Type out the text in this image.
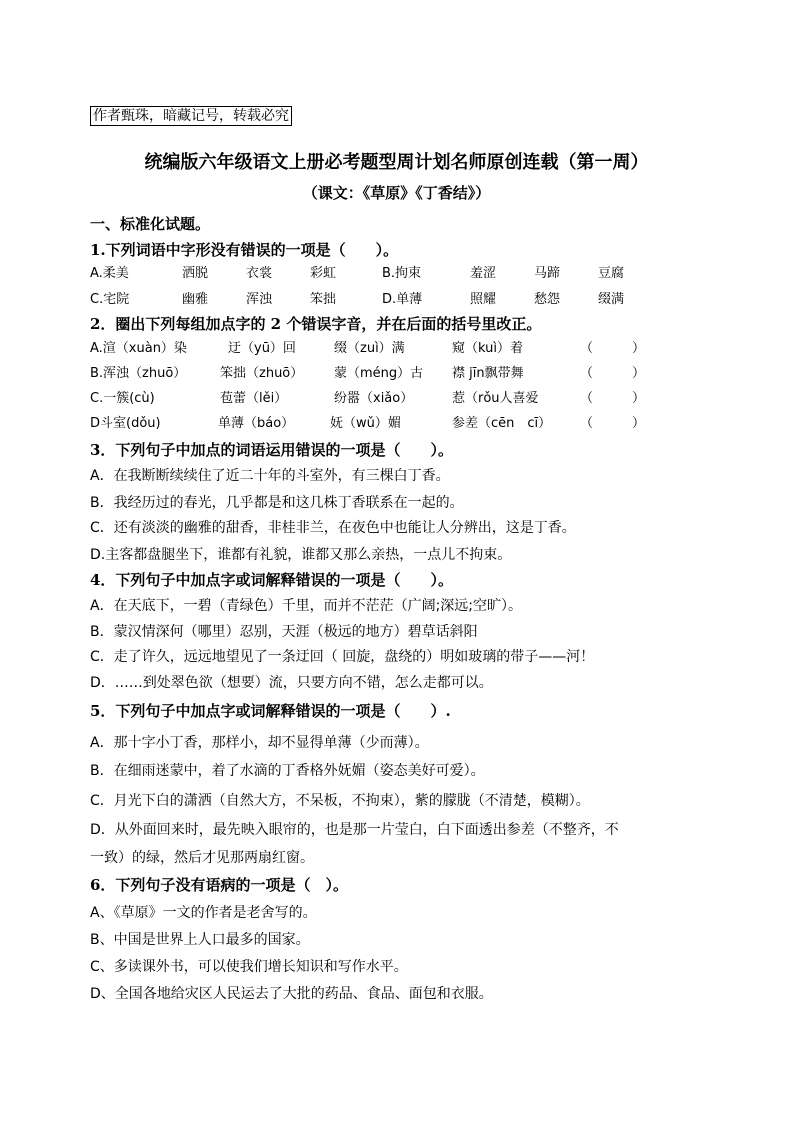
作者甄珠，暗藏记号，转载必究
统编版六年级语文上册必考题型周计划名师原创连载（第一周）
（课文：《草原》《丁香结》）
一、标准化试题。
1.下列词语中字形没有错误的一项是（　　）。
A.柔美	洒脱	衣裳	彩虹	B.拘束	羞涩	马蹄	豆腐
C.宅院	幽雅	浑浊	笨拙	D.单薄	照耀	愁怨	缀满
2．圈出下列每组加点字的 2 个错误字音，并在后面的括号里改正。
A.渲（xuàn）染	迂（yū）回	缀（zuì）满	窥（kuì）着	（　　　）
B.浑浊（zhuō）	笨拙（zhuō） 蒙（méng）古 襟 jīn飘带舞	（　　　）
C.一簇(cù)	苞蕾（lěi）	纷嚣（xiǎo）	惹（rǒu人喜爱	（　　　）
D斗室(dǒu)	单薄（báo）	妩（wǔ）媚	参差（cēn　cī） （　　　）
3．下列句子中加点的词语运用错误的一项是（　　）。
A．在我断断续续住了近二十年的斗室外，有三棵白丁香。
B．我经历过的春光，几乎都是和这几株丁香联系在一起的。
C．还有淡淡的幽雅的甜香，非桂非兰，在夜色中也能让人分辨出，这是丁香。
D.主客都盘腿坐下，谁都有礼貌，谁都又那么亲热，一点儿不拘束。
4．下列句子中加点字或词解释错误的一项是（　　）。
A．在天底下，一碧（青绿色）千里，而并不茫茫（广阔;深远;空旷）。
B．蒙汉情深何（哪里）忍别，天涯（极远的地方）碧草话斜阳
C．走了许久，远远地望见了一条迂回（ 回旋，盘绕的）明如玻璃的带子——河！
D．……到处翠色欲（想要）流，只要方向不错，怎么走都可以。
5．下列句子中加点字或词解释错误的一项是（　　）.
A．那十字小丁香，那样小，却不显得单薄（少而薄）。
B．在细雨迷蒙中，着了水滴的丁香格外妩媚（姿态美好可爱）。
C．月光下白的潇洒（自然大方，不呆板，不拘束），紫的朦胧（不清楚，模糊）。
D．从外面回来时，最先映入眼帘的，也是那一片莹白，白下面透出参差（不整齐，不
一致）的绿，然后才见那两扇红窗。
6．下列句子没有语病的一项是（　）。
A、《草原》一文的作者是老舍写的。
B、中国是世界上人口最多的国家。
C、多读课外书，可以使我们增长知识和写作水平。
D、全国各地给灾区人民运去了大批的药品、食品、面包和衣服。
